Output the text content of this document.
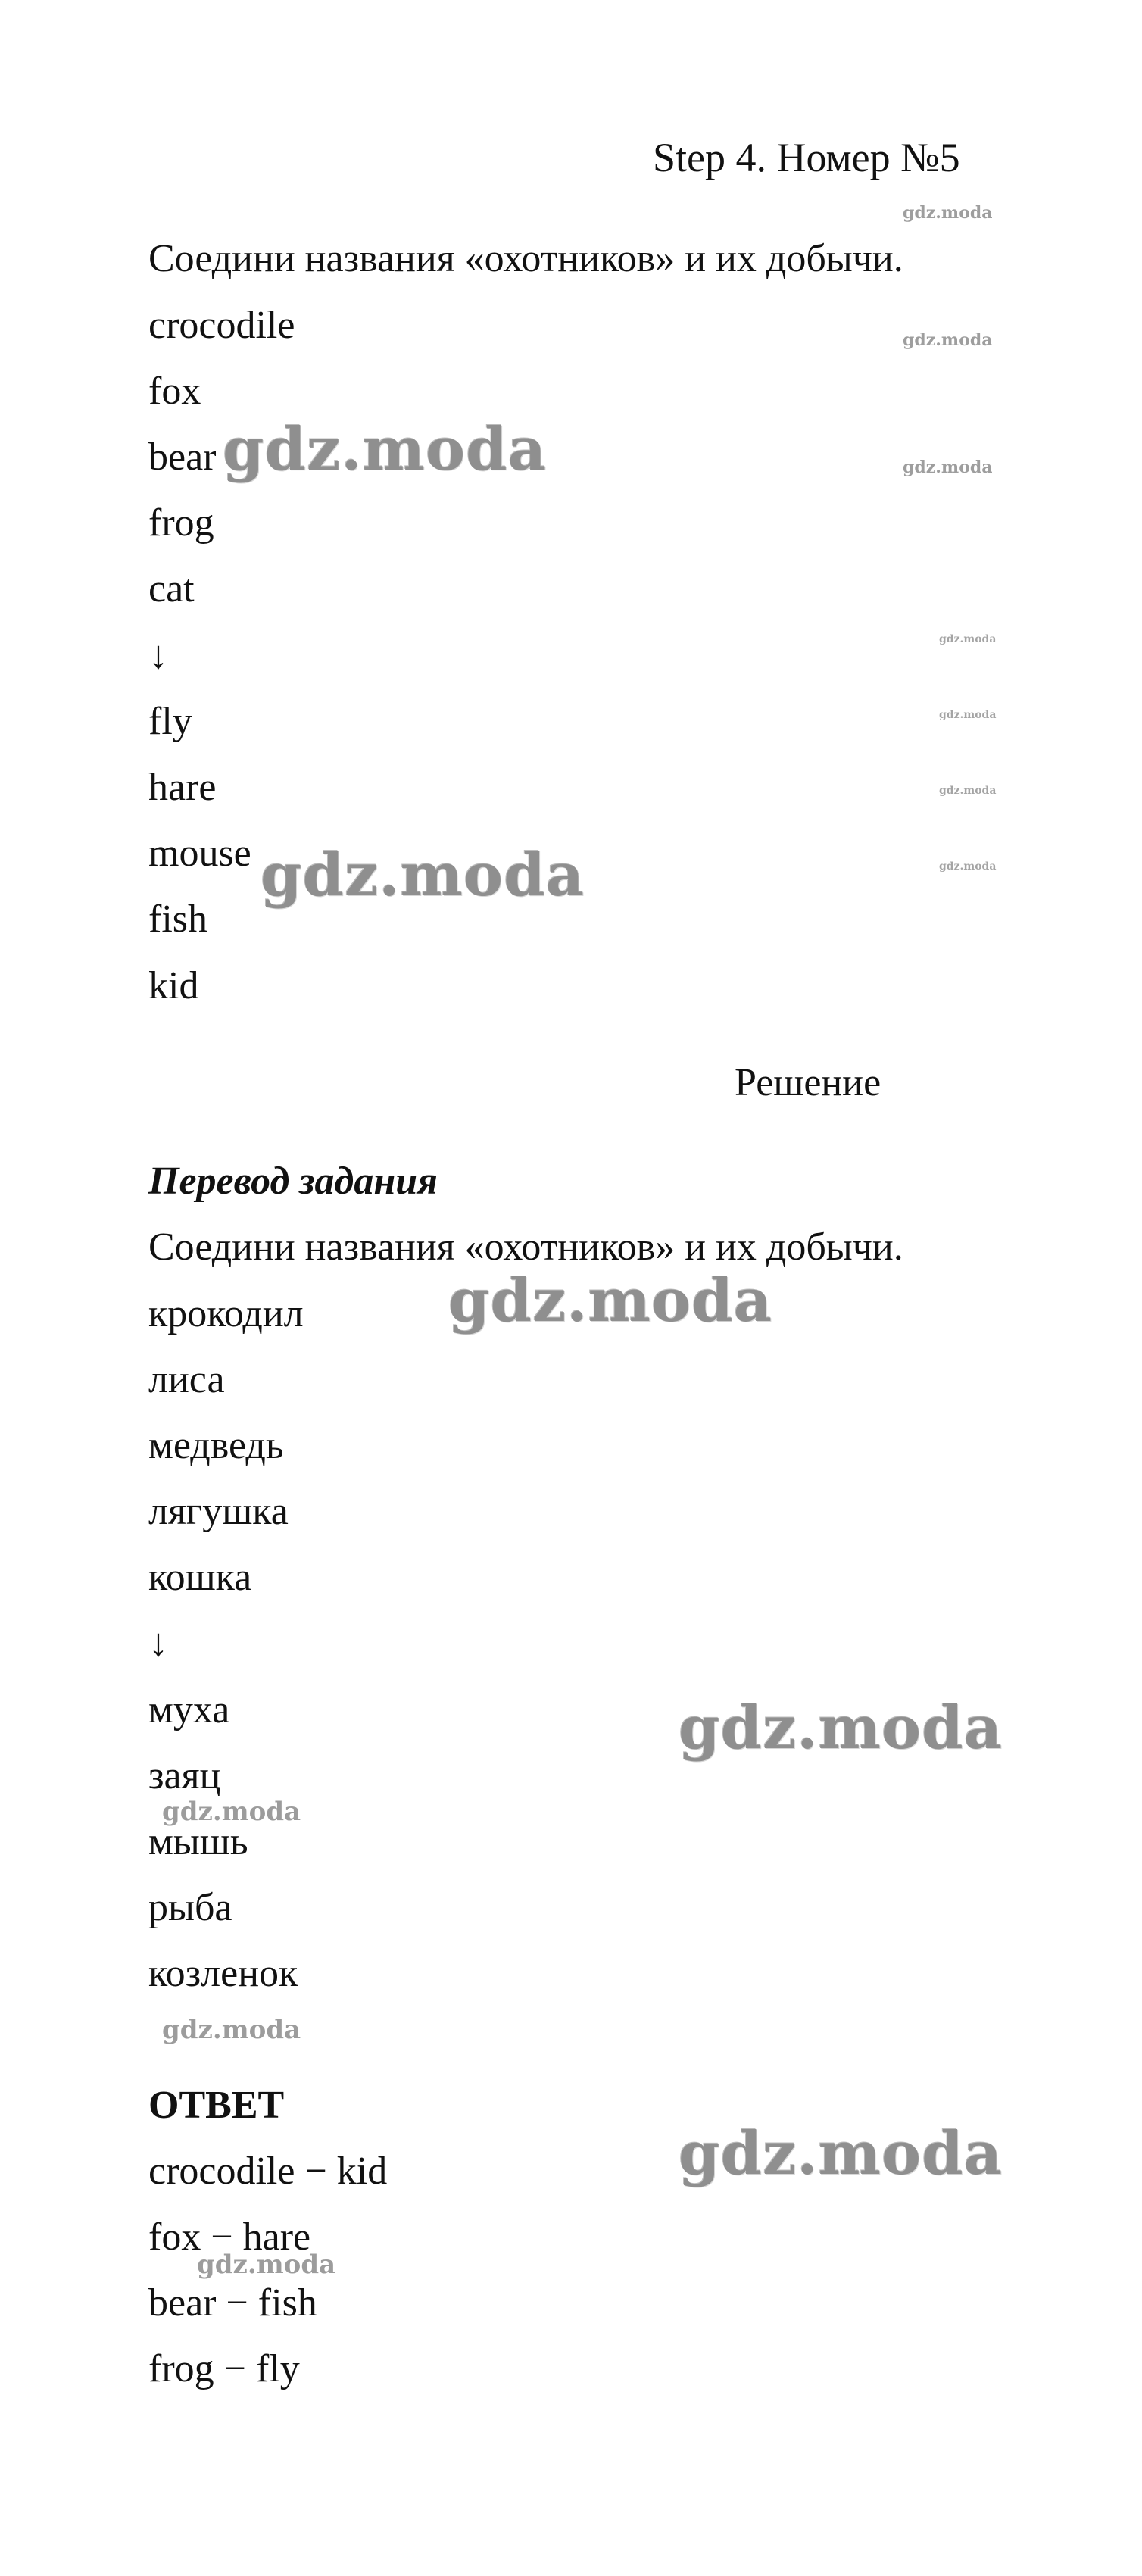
Step 4. Номер №5
Соедини названия «охотников» и их добычи.
crocodile
fox
bear
frog
cat
↓
fly
hare
mouse
fish
kid
Решение
Перевод задания
Соедини названия «охотников» и их добычи.
крокодил
лиса
медведь
лягушка
кошка
↓
муха
заяц
мышь
рыба
козленок
ОТВЕТ
crocodile − kid
fox − hare
bear − fish
frog − fly
gdz.moda
gdz.moda
gdz.moda	gdz.moda
gdz.moda
gdz.moda
gdz.moda
gdz.moda
gdz.moda
gdz.moda
gdz.moda
gdz.moda
gdz.moda
gdz.moda
gdz.moda
